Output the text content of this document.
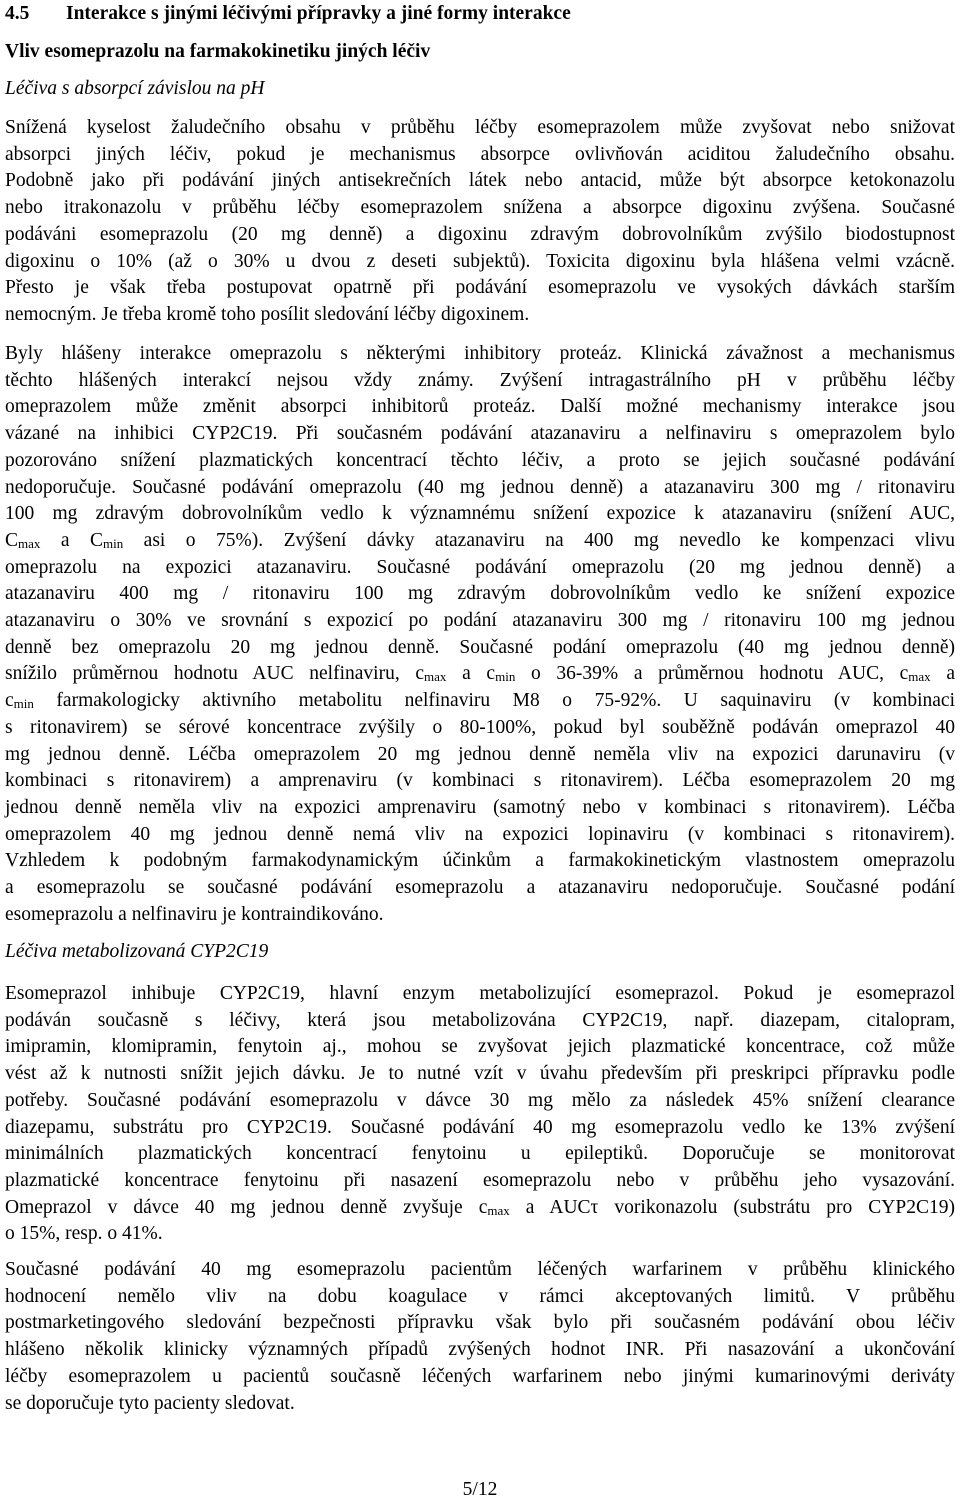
4.5 Interakce s jinými léčivými přípravky a jiné formy interakce
Vliv esomeprazolu na farmakokinetiku jiných léčiv
Léčiva s absorpcí závislou na pH
Snížená kyselost žaludečního obsahu v průběhu léčby esomeprazolem může zvyšovat nebo snižovat
absorpci jiných léčiv, pokud je mechanismus absorpce ovlivňován aciditou žaludečního obsahu.
Podobně jako při podávání jiných antisekrečních látek nebo antacid, může být absorpce ketokonazolu
nebo itrakonazolu v průběhu léčby esomeprazolem snížena a absorpce digoxinu zvýšena. Současné
podáváni esomeprazolu (20 mg denně) a digoxinu zdravým dobrovolníkům zvýšilo biodostupnost
digoxinu o 10% (až o 30% u dvou z deseti subjektů). Toxicita digoxinu byla hlášena velmi vzácně.
Přesto je však třeba postupovat opatrně při podávání esomeprazolu ve vysokých dávkách starším
nemocným. Je třeba kromě toho posílit sledování léčby digoxinem.
Byly hlášeny interakce omeprazolu s některými inhibitory proteáz. Klinická závažnost a mechanismus
těchto hlášených interakcí nejsou vždy známy. Zvýšení intragastrálního pH v průběhu léčby
omeprazolem může změnit absorpci inhibitorů proteáz. Další možné mechanismy interakce jsou
vázané na inhibici CYP2C19. Při současném podávání atazanaviru a nelfinaviru s omeprazolem bylo
pozorováno snížení plazmatických koncentrací těchto léčiv, a proto se jejich současné podávání
nedoporučuje. Současné podávání omeprazolu (40 mg jednou denně) a atazanaviru 300 mg / ritonaviru
100 mg zdravým dobrovolníkům vedlo k významnému snížení expozice k atazanaviru (snížení AUC,
$C_{max}$ a $C_{min}$ asi o 75%). Zvýšení dávky atazanaviru na 400 mg nevedlo ke kompenzaci vlivu
omeprazolu na expozici atazanaviru. Současné podávání omeprazolu (20 mg jednou denně) a
atazanaviru 400 mg / ritonaviru 100 mg zdravým dobrovolníkům vedlo ke snížení expozice
atazanaviru o 30% ve srovnání s expozicí po podání atazanaviru 300 mg / ritonaviru 100 mg jednou
denně bez omeprazolu 20 mg jednou denně. Současné podání omeprazolu (40 mg jednou denně)
snížilo průměrnou hodnotu AUC nelfinaviru, $c_{max}$ a $c_{min}$ o 36-39% a průměrnou hodnotu AUC, $c_{max}$ a
$c_{min}$ farmakologicky aktivního metabolitu nelfinaviru M8 o 75-92%. U saquinaviru (v kombinaci
s ritonavirem) se sérové koncentrace zvýšily o 80-100%, pokud byl souběžně podáván omeprazol 40
mg jednou denně. Léčba omeprazolem 20 mg jednou denně neměla vliv na expozici darunaviru (v
kombinaci s ritonavirem) a amprenaviru (v kombinaci s ritonavirem). Léčba esomeprazolem 20 mg
jednou denně neměla vliv na expozici amprenaviru (samotný nebo v kombinaci s ritonavirem). Léčba
omeprazolem 40 mg jednou denně nemá vliv na expozici lopinaviru (v kombinaci s ritonavirem).
Vzhledem k podobným farmakodynamickým účinkům a farmakokinetickým vlastnostem omeprazolu
a esomeprazolu se současné podávání esomeprazolu a atazanaviru nedoporučuje. Současné podání
esomeprazolu a nelfinaviru je kontraindikováno.
Léčiva metabolizovaná CYP2C19
Esomeprazol inhibuje CYP2C19, hlavní enzym metabolizující esomeprazol. Pokud je esomeprazol
podáván současně s léčivy, která jsou metabolizována CYP2C19, např. diazepam, citalopram,
imipramin, klomipramin, fenytoin aj., mohou se zvyšovat jejich plazmatické koncentrace, což může
vést až k nutnosti snížit jejich dávku. Je to nutné vzít v úvahu především při preskripci přípravku podle
potřeby. Současné podávání esomeprazolu v dávce 30 mg mělo za následek 45% snížení clearance
diazepamu, substrátu pro CYP2C19. Současné podávání 40 mg esomeprazolu vedlo ke 13% zvýšení
minimálních plazmatických koncentrací fenytoinu u epileptiků. Doporučuje se monitorovat
plazmatické koncentrace fenytoinu při nasazení esomeprazolu nebo v průběhu jeho vysazování.
Omeprazol v dávce 40 mg jednou denně zvyšuje $c_{max}$ a AUCτ vorikonazolu (substrátu pro CYP2C19)
o 15%, resp. o 41%.
Současné podávání 40 mg esomeprazolu pacientům léčených warfarinem v průběhu klinického
hodnocení nemělo vliv na dobu koagulace v rámci akceptovaných limitů. V průběhu
postmarketingového sledování bezpečnosti přípravku však bylo při současném podávání obou léčiv
hlášeno několik klinicky významných případů zvýšených hodnot INR. Při nasazování a ukončování
léčby esomeprazolem u pacientů současně léčených warfarinem nebo jinými kumarinovými deriváty
se doporučuje tyto pacienty sledovat.
5/12
